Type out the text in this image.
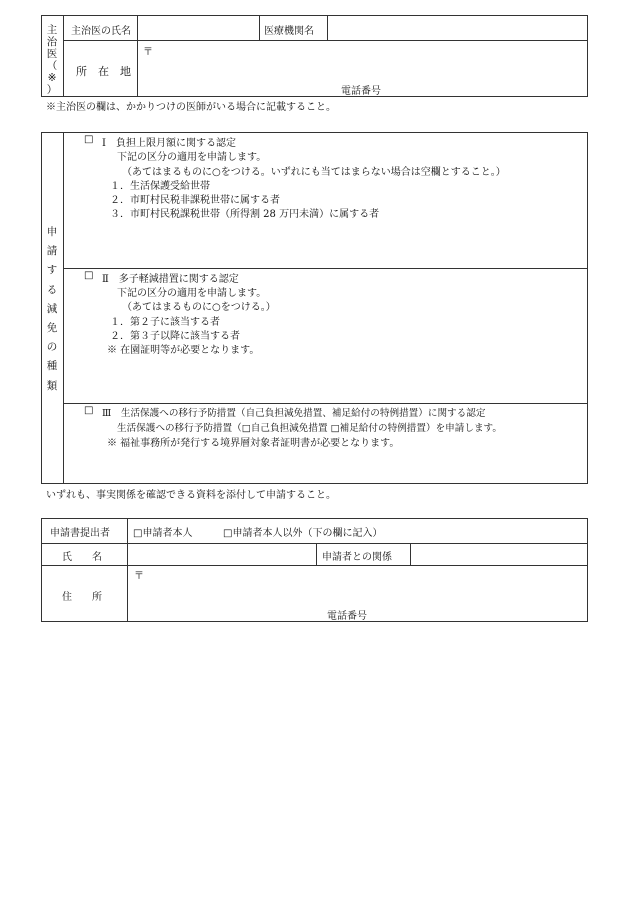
主
治
医
（
※
）
主治医の氏名	医療機関名
所　在　地
〒
電話番号
※主治医の欄は、かかりつけの医師がいる場合に記載すること。
申
請
す
る
減
免
の
種
類
□ Ⅰ　負担上限月額に関する認定
下記の区分の適用を申請します。
（あてはまるものに○をつける。いずれにも当てはまらない場合は空欄とすること。）
１．生活保護受給世帯
２．市町村民税非課税世帯に属する者
３．市町村民税課税世帯（所得割 28 万円未満）に属する者
□ Ⅱ　多子軽減措置に関する認定
下記の区分の適用を申請します。
（あてはまるものに○をつける。）
１．第２子に該当する者
２．第３子以降に該当する者
※ 在園証明等が必要となります。
□ Ⅲ　生活保護への移行予防措置（自己負担減免措置、補足給付の特例措置）に関する認定
生活保護への移行予防措置（□自己負担減免措置 □補足給付の特例措置）を申請します。
※ 福祉事務所が発行する境界層対象者証明書が必要となります。
いずれも、事実関係を確認できる資料を添付して申請すること。
申請書提出者 □申請者本人	□申請者本人以外（下の欄に記入）
氏　　名	申請者との関係
住　　所
〒
電話番号
